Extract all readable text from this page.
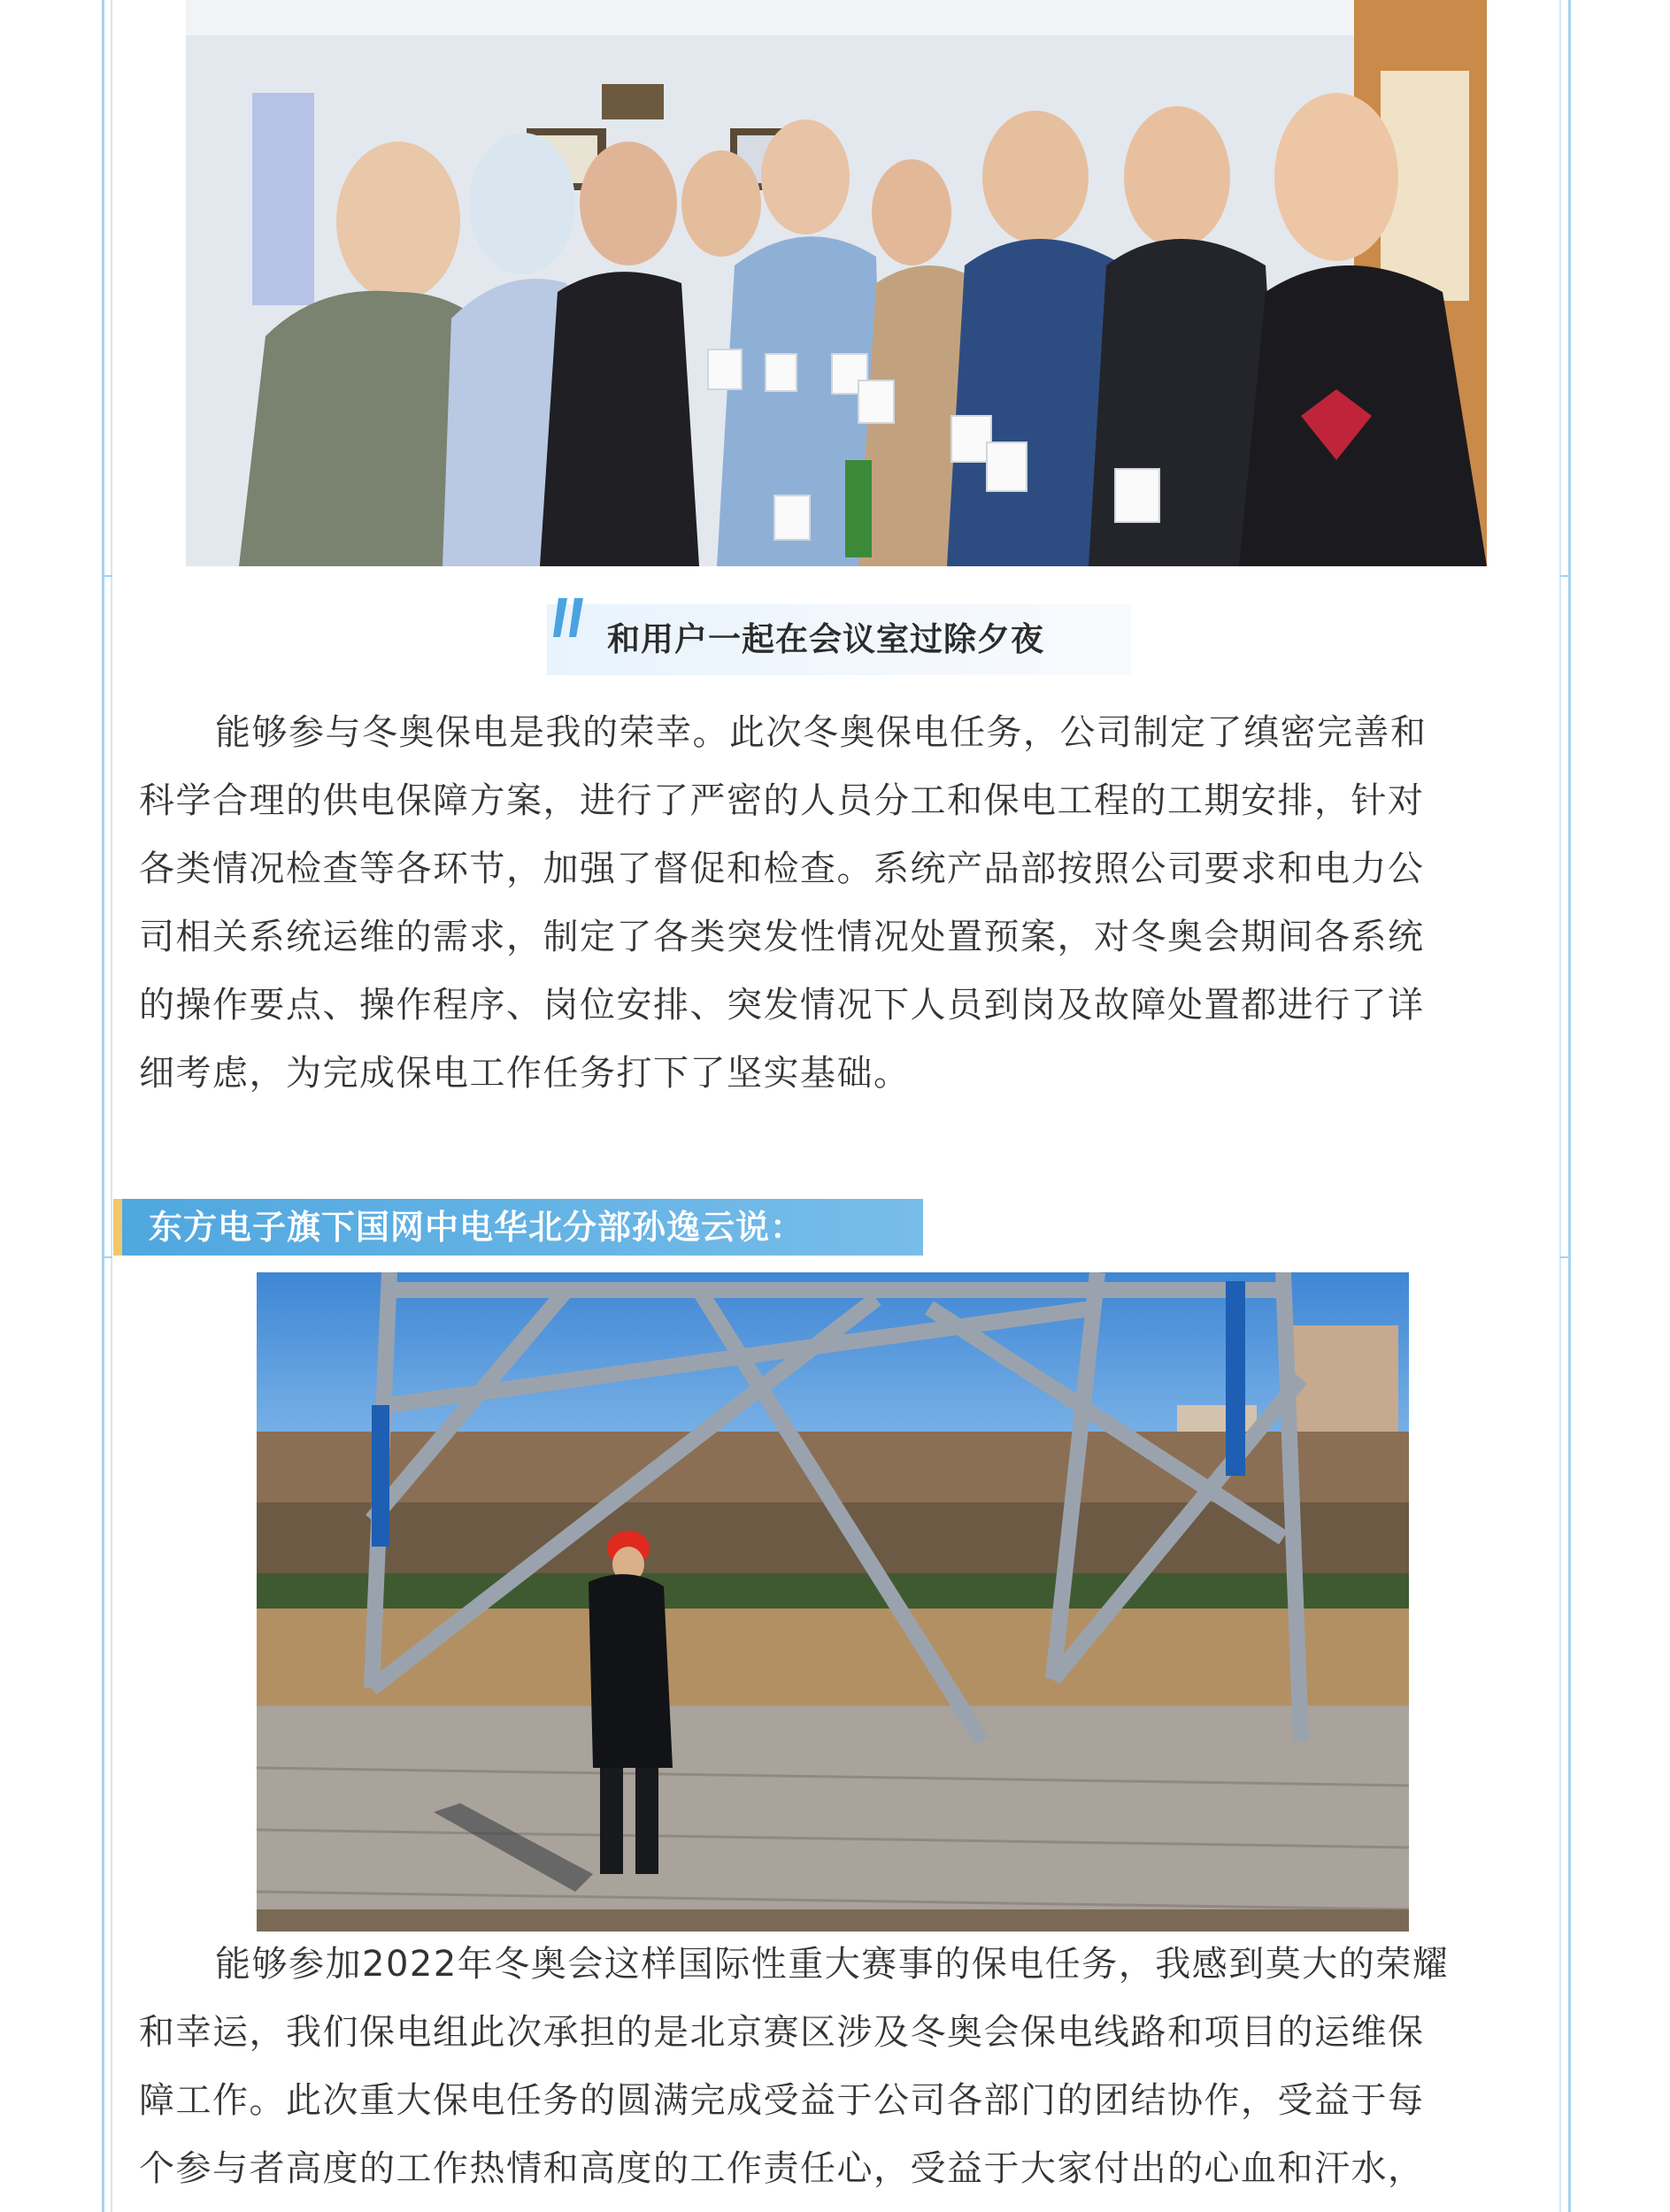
和用户一起在会议室过除夕夜

能够参与冬奥保电是我的荣幸。此次冬奥保电任务，公司制定了缜密完善和

科学合理的供电保障方案，进行了严密的人员分工和保电工程的工期安排，针对

各类情况检查等各环节，加强了督促和检查。系统产品部按照公司要求和电力公

司相关系统运维的需求，制定了各类突发性情况处置预案，对冬奥会期间各系统

的操作要点、操作程序、岗位安排、突发情况下人员到岗及故障处置都进行了详

细考虑，为完成保电工作任务打下了坚实基础。

东方电子旗下国网中电华北分部孙逸云说：

能够参加2022年冬奥会这样国际性重大赛事的保电任务，我感到莫大的荣耀

和幸运，我们保电组此次承担的是北京赛区涉及冬奥会保电线路和项目的运维保

障工作。此次重大保电任务的圆满完成受益于公司各部门的团结协作，受益于每

个参与者高度的工作热情和高度的工作责任心，受益于大家付出的心血和汗水，
